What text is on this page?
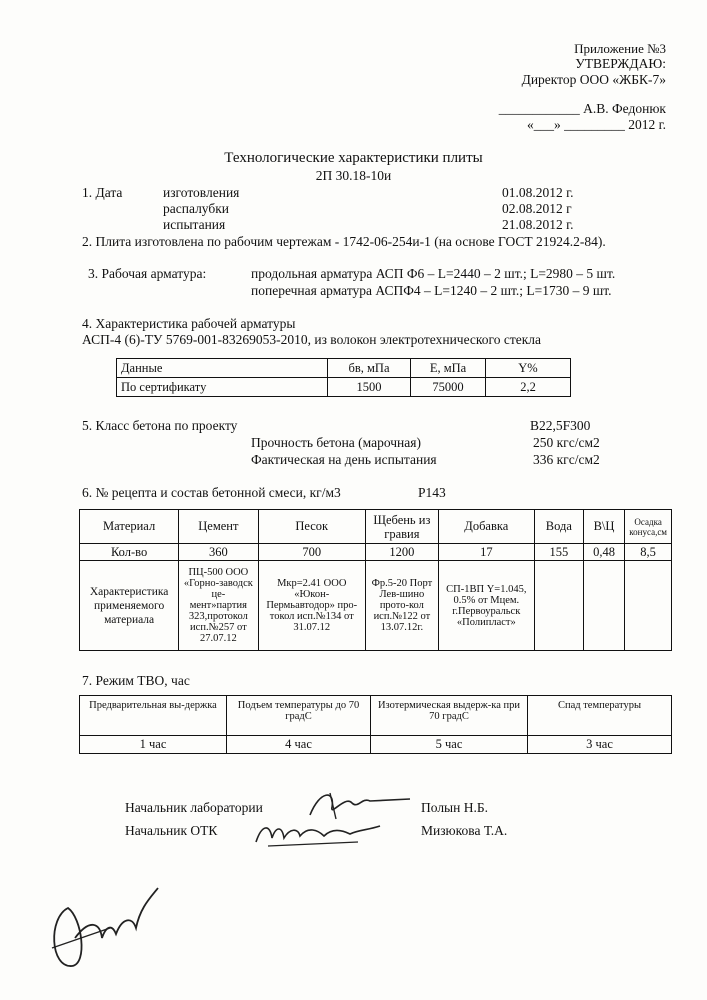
Приложение №3
УТВЕРЖДАЮ:
Директор ООО «ЖБК-7»
____________ А.В. Федонюк
«___» _________ 2012 г.
Технологические характеристики плиты
2П 30.18-10и
1. Дата	изготовления	01.08.2012 г.
распалубки	02.08.2012 г
испытания	21.08.2012 г.
2. Плита изготовлена по рабочим чертежам - 1742-06-254и-1 (на основе ГОСТ 21924.2-84).
3. Рабочая арматура:	продольная арматура АСП Ф6 – L=2440 – 2 шт.; L=2980 – 5 шт.
поперечная арматура АСПФ4 – L=1240 – 2 шт.; L=1730 – 9 шт.
4. Характеристика рабочей арматуры
АСП-4 (6)-ТУ 5769-001-83269053-2010, из волокон электротехнического стекла
Данные	бв, мПа	Е, мПа	Y%
По сертификату	1500	75000	2,2
5. Класс бетона по проекту	В22,5F300
Прочность бетона (марочная)	250 кгс/см2
Фактическая на день испытания	336 кгс/см2
6. № рецепта и состав бетонной смеси, кг/м3	Р143
Материал	Цемент	Песок	Щебень из гравия	Добавка	Вода	В\Ц	Осадка конуса,см
Кол-во	360	700	1200	17	155	0,48	8,5
Характеристика применяемого материала	ПЦ-500 ООО «Горно-заводск це-мент»партия 323,протокол исп.№257 от 27.07.12	Мкр=2.41 ООО «Юкон-Пермьавтодор» про-токол исп.№134 от 31.07.12	Фр.5-20 Порт Лев-шино прото-кол исп.№122 от 13.07.12г.	СП-1ВП Y=1.045, 0.5% от Мцем. г.Первоуральск «Полипласт»			
7. Режим ТВО, час
Предварительная вы-держка	Подъем температуры до 70 градС	Изотермическая выдерж-ка при 70 градС	Спад температуры
1 час	4 час	5 час	3 час
Начальник лаборатории	Полын Н.Б.
Начальник ОТК	Мизюкова Т.А.
